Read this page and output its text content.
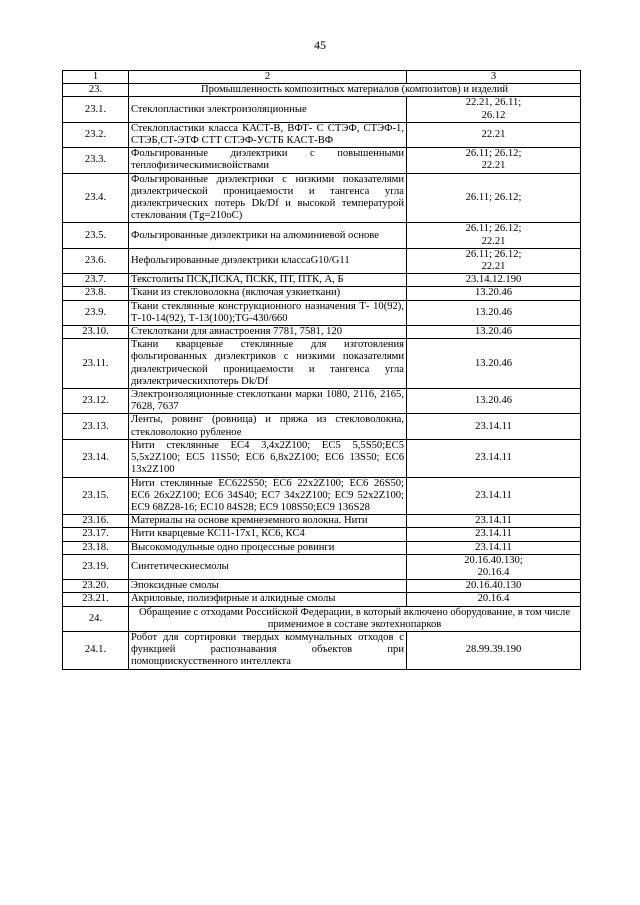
45
1	2	3
23.	Промышленность композитных материалов (композитов) и изделий	
23.1.	Стеклопластики электроизоляционные	22.21, 26.11;
26.12
23.2.	Стеклопластики класса КАСТ-В, ВФТ- С СТЭФ, СТЭФ-1, СТЭБ,СТ-ЭТФ СТТ СТЭФ-УСТБ КАСТ-ВФ	22.21
23.3.	Фольгированные диэлектрики с повышенными теплофизическимисвойствами	26.11; 26.12;
22.21
23.4.	Фольгированные диэлектрики с низкими показателями диэлектрической проницаемости и тангенса угла диэлектрических потерь Dk/Df и высокой температурой стеклования (Tg=210oC)	26.11; 26.12;
23.5.	Фольгированные диэлектрики на алюминиевой основе	26.11; 26.12;
22.21
23.6.	Нефольгированные диэлектрики классаG10/G11	26.11; 26.12;
22.21
23.7.	Текстолиты ПСК,ПСКА, ПСКК, ПТ, ПТК, А, Б	23.14.12.190
23.8.	Ткани из стекловолокна (включая узкиеткани)	13.20.46
23.9.	Ткани стеклянные конструкционного назначения Т- 10(92), Т-10-14(92), Т-13(100);TG-430/660	13.20.46
23.10.	Стеклоткани для авиастроения 7781, 7581, 120	13.20.46
23.11.	Ткани кварцевые стеклянные для изготовления фольгированных диэлектриков с низкими показателями диэлектрической проницаемости и тангенса угла диэлектрическихпотерь Dk/Df	13.20.46
23.12.	Электроизоляционные стеклоткани марки 1080, 2116, 2165, 7628, 7637	13.20.46
23.13.	Ленты, ровинг (ровница) и пряжа из стекловолокна, стекловолокно рубленое	23.14.11
23.14.	Нити стеклянные ЕС4 3,4x2Z100; ЕС5 5,5S50;ЕС5 5,5x2Z100; ЕС5 11S50; ЕС6 6,8x2Z100; ЕС6 13S50; ЕС6 13x2Z100	23.14.11
23.15.	Нити стеклянные ЕС622S50; ЕС6 22x2Z100; ЕС6 26S50; ЕС6 26x2Z100; ЕС6 34S40; ЕС7 34x2Z100; ЕС9 52x2Z100; ЕС9 68Z28-16; ЕС10 84S28; ЕС9 108S50;ЕС9 136S28	23.14.11
23.16.	Материалы на основе кремнеземного волокна. Нити	23.14.11
23.17.	Нити кварцевые КС11-17x1, КС6, КС4	23.14.11
23.18.	Высокомодульные одно процессные ровинги	23.14.11
23.19.	Синтетическиесмолы	20.16.40.130;
20.16.4
23.20.	Эпоксидные смолы	20.16.40.130
23.21.	Акриловые, полиэфирные и алкидные смолы	20.16.4
24.	Обращение с отходами Российской Федерации, в который включено оборудование, в том числе применимое в составе экотехнопарков	
24.1.	Робот для сортировки твердых коммунальных отходов с функцией распознавания объектов при помощиискусственного интеллекта	28.99.39.190
